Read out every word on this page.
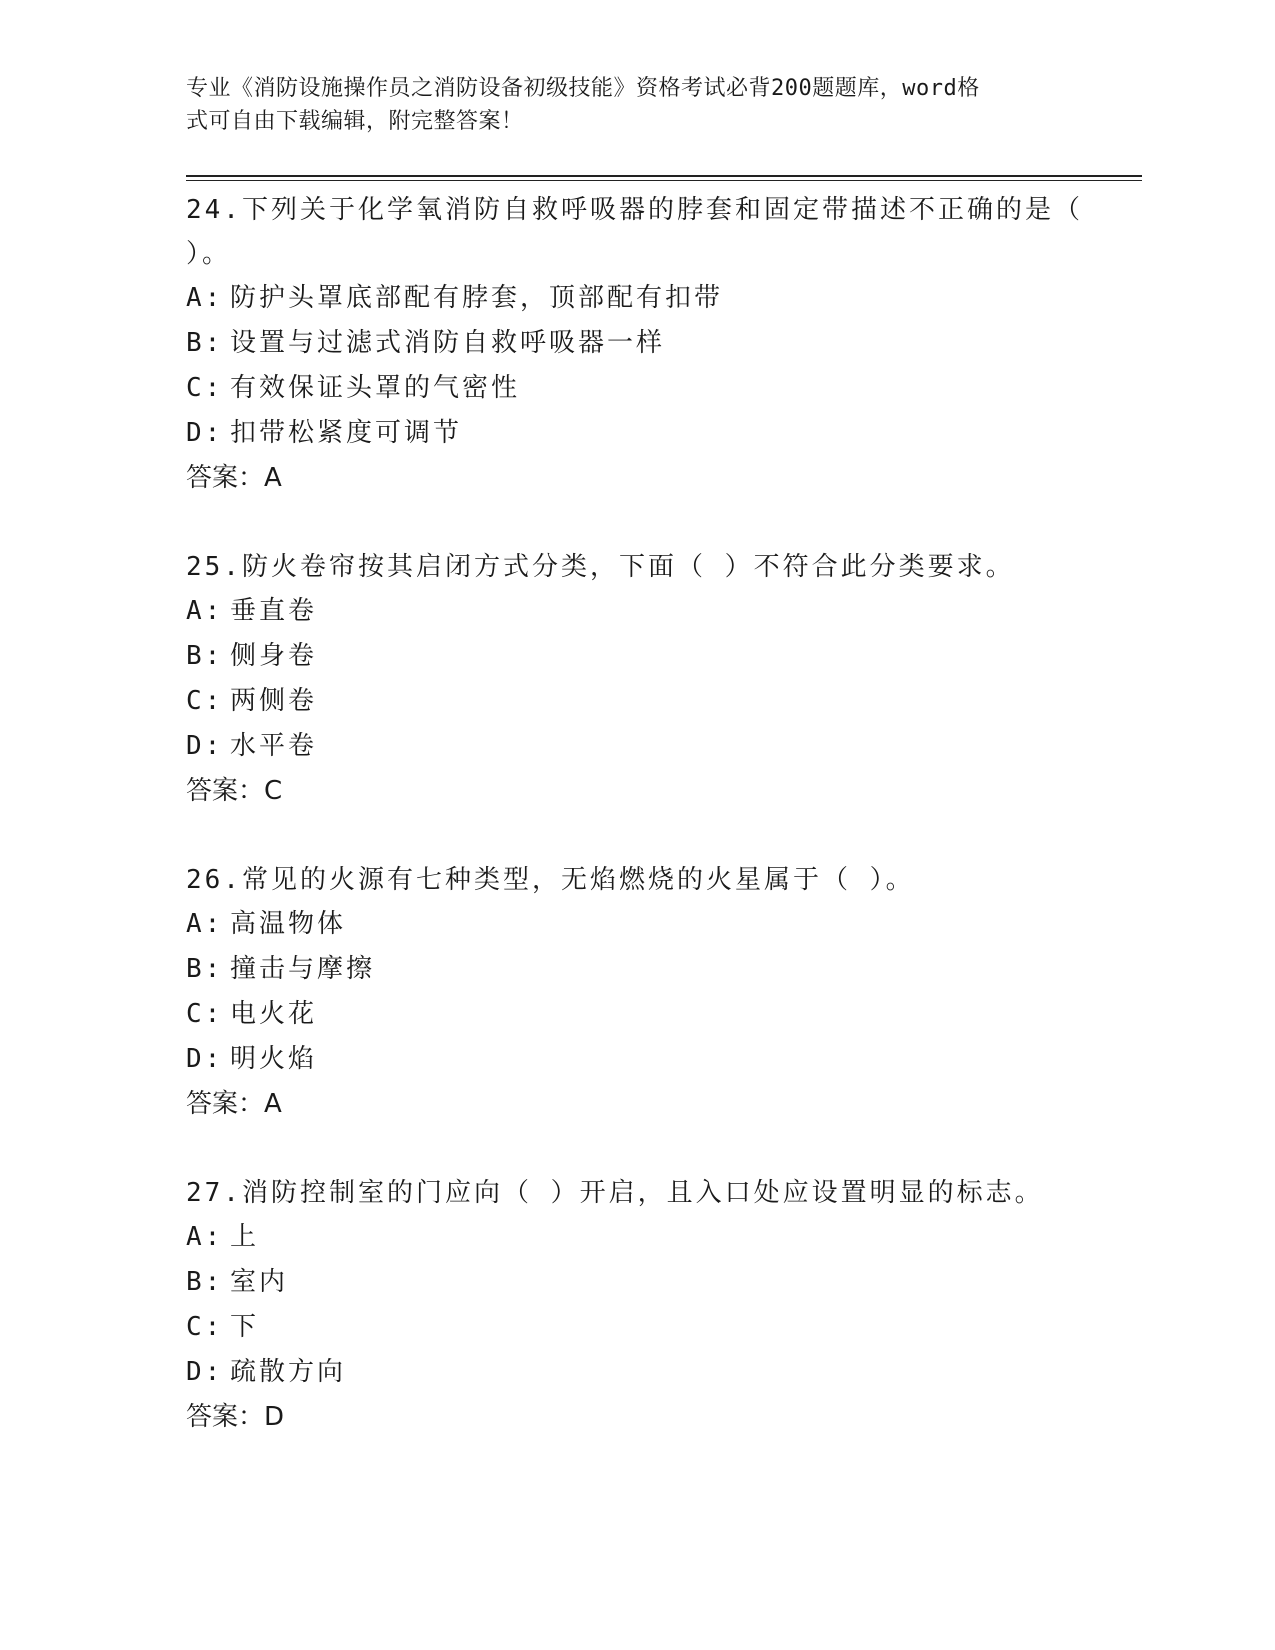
专业《消防设施操作员之消防设备初级技能》资格考试必背200题题库，word格
式可自由下载编辑，附完整答案！

24.下列关于化学氧消防自救呼吸器的脖套和固定带描述不正确的是（ ）。

A: 防护头罩底部配有脖套，顶部配有扣带
B: 设置与过滤式消防自救呼吸器一样
C: 有效保证头罩的气密性
D: 扣带松紧度可调节

答案：A

25.防火卷帘按其启闭方式分类，下面（ ）不符合此分类要求。

A: 垂直卷
B: 侧身卷
C: 两侧卷
D: 水平卷

答案：C

26.常见的火源有七种类型，无焰燃烧的火星属于（ ）。

A: 高温物体
B: 撞击与摩擦
C: 电火花
D: 明火焰

答案：A

27.消防控制室的门应向（ ）开启，且入口处应设置明显的标志。

A: 上
B: 室内
C: 下
D: 疏散方向

答案：D
